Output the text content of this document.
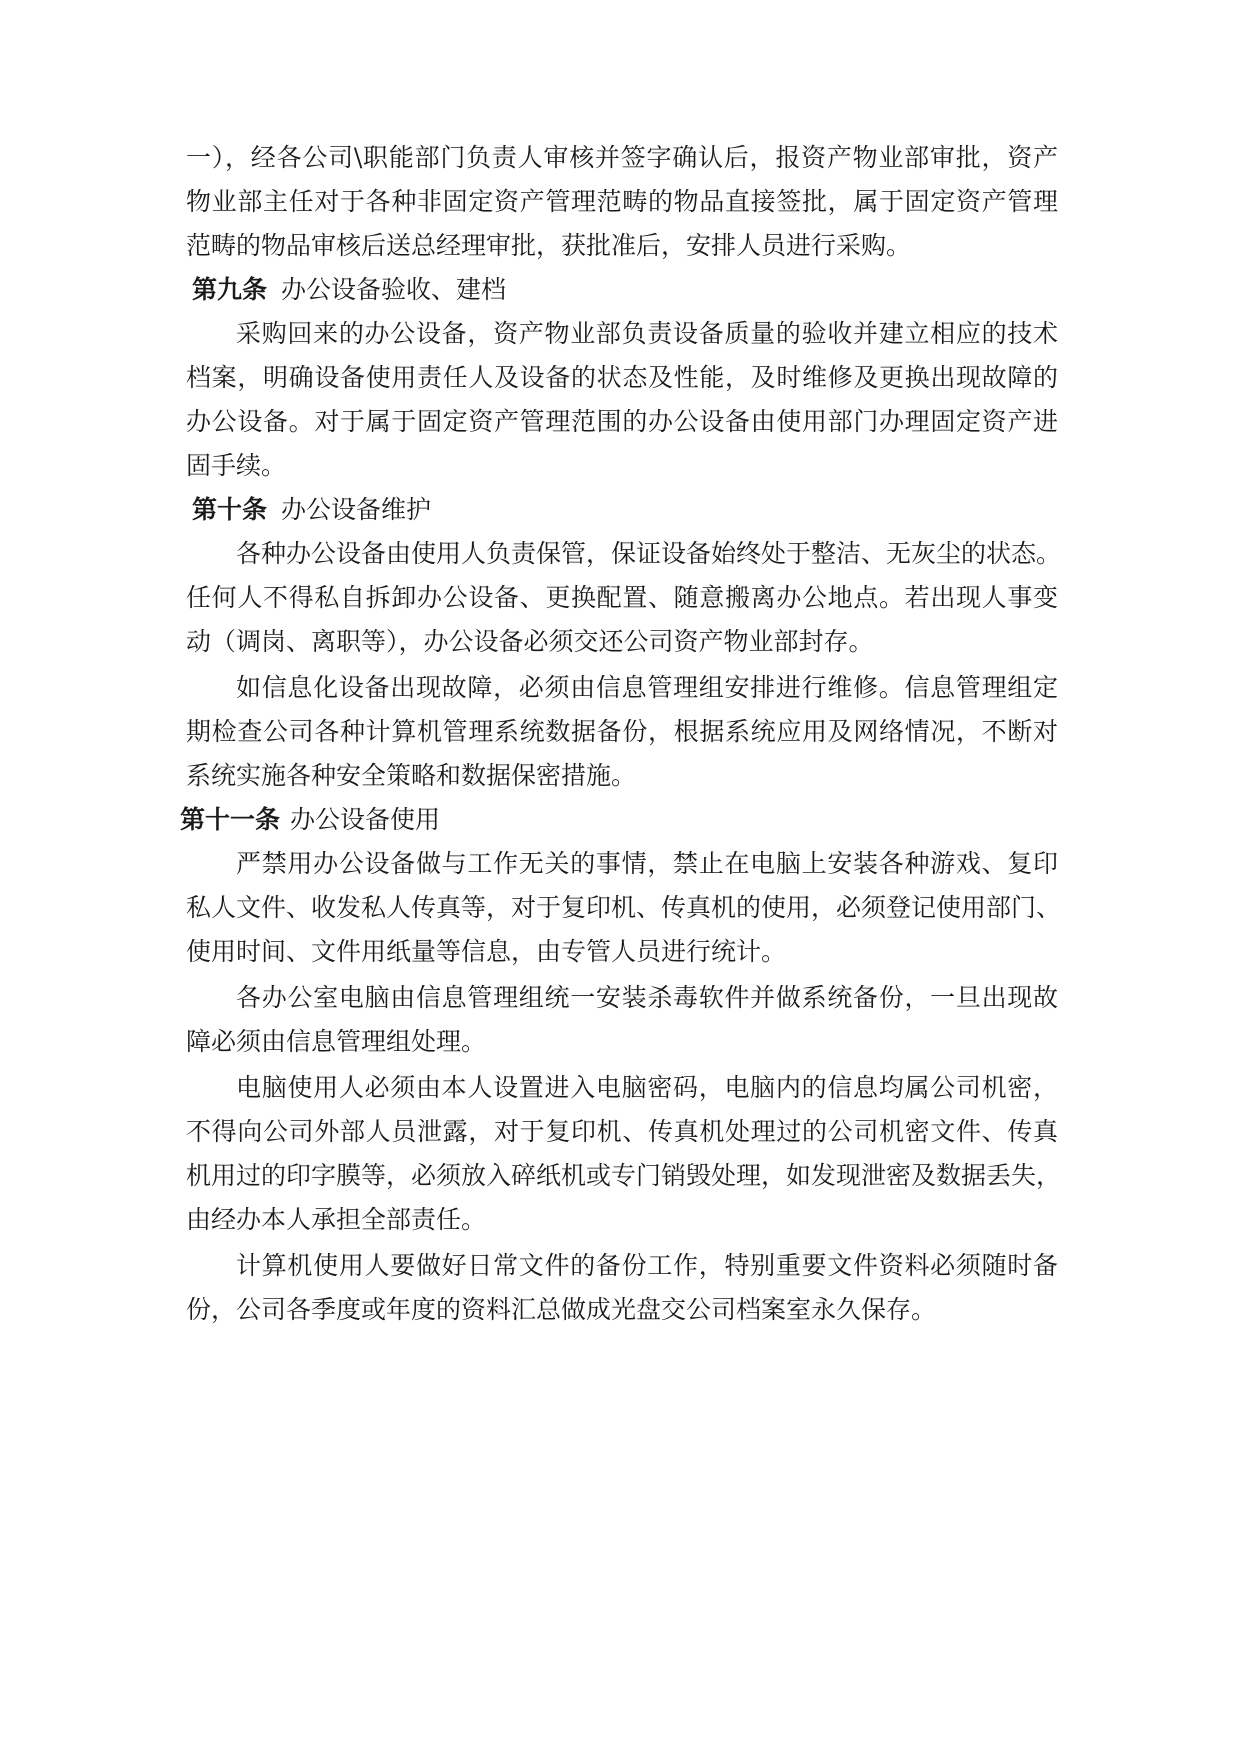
一），经各公司\职能部门负责人审核并签字确认后，报资产物业部审批，资产
物业部主任对于各种非固定资产管理范畴的物品直接签批，属于固定资产管理
范畴的物品审核后送总经理审批，获批准后，安排人员进行采购。
第九条 办公设备验收、建档
采购回来的办公设备，资产物业部负责设备质量的验收并建立相应的技术
档案，明确设备使用责任人及设备的状态及性能，及时维修及更换出现故障的
办公设备。对于属于固定资产管理范围的办公设备由使用部门办理固定资产进
固手续。
第十条 办公设备维护
各种办公设备由使用人负责保管，保证设备始终处于整洁、无灰尘的状态。
任何人不得私自拆卸办公设备、更换配置、随意搬离办公地点。若出现人事变
动（调岗、离职等），办公设备必须交还公司资产物业部封存。
如信息化设备出现故障，必须由信息管理组安排进行维修。信息管理组定
期检查公司各种计算机管理系统数据备份，根据系统应用及网络情况，不断对
系统实施各种安全策略和数据保密措施。
第十一条 办公设备使用
严禁用办公设备做与工作无关的事情，禁止在电脑上安装各种游戏、复印
私人文件、收发私人传真等，对于复印机、传真机的使用，必须登记使用部门、
使用时间、文件用纸量等信息，由专管人员进行统计。
各办公室电脑由信息管理组统一安装杀毒软件并做系统备份，一旦出现故
障必须由信息管理组处理。
电脑使用人必须由本人设置进入电脑密码，电脑内的信息均属公司机密，
不得向公司外部人员泄露，对于复印机、传真机处理过的公司机密文件、传真
机用过的印字膜等，必须放入碎纸机或专门销毁处理，如发现泄密及数据丢失，
由经办本人承担全部责任。
计算机使用人要做好日常文件的备份工作，特别重要文件资料必须随时备
份，公司各季度或年度的资料汇总做成光盘交公司档案室永久保存。
